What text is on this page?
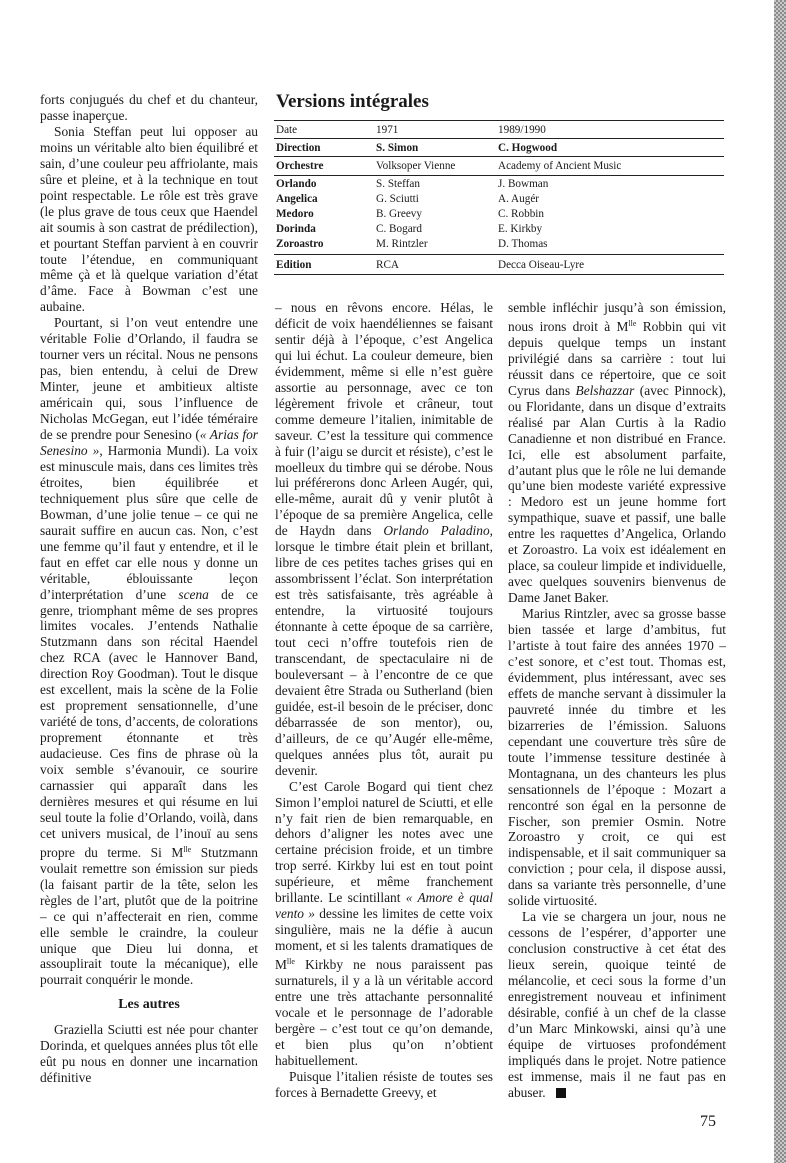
forts conjugués du chef et du chanteur, passe inaperçue.

Sonia Steffan peut lui opposer au moins un véritable alto bien équilibré et sain, d’une couleur peu affriolante, mais sûre et pleine, et à la technique en tout point respectable. Le rôle est très grave (le plus grave de tous ceux que Haendel ait soumis à son castrat de prédilection), et pourtant Steffan parvient à en couvrir toute l’étendue, en communiquant même çà et là quelque variation d’état d’âme. Face à Bowman c’est une aubaine.

Pourtant, si l’on veut entendre une véritable Folie d’Orlando, il faudra se tourner vers un récital. Nous ne pensons pas, bien entendu, à celui de Drew Minter, jeune et ambitieux altiste américain qui, sous l’influence de Nicholas McGegan, eut l’idée téméraire de se prendre pour Senesino (« Arias for Senesino », Harmonia Mundi). La voix est minuscule mais, dans ces limites très étroites, bien équilibrée et techniquement plus sûre que celle de Bowman, d’une jolie tenue – ce qui ne saurait suffire en aucun cas. Non, c’est une femme qu’il faut y entendre, et il le faut en effet car elle nous y donne un véritable, éblouissante leçon d’interprétation d’une scena de ce genre, triomphant même de ses propres limites vocales. J’entends Nathalie Stutzmann dans son récital Haendel chez RCA (avec le Hannover Band, direction Roy Goodman). Tout le disque est excellent, mais la scène de la Folie est proprement sensationnelle, d’une variété de tons, d’accents, de colorations proprement étonnante et très audacieuse. Ces fins de phrase où la voix semble s’évanouir, ce sourire carnassier qui apparaît dans les dernières mesures et qui résume en lui seul toute la folie d’Orlando, voilà, dans cet univers musical, de l’inouï au sens propre du terme. Si $M^{lle}$ Stutzmann voulait remettre son émission sur pieds (la faisant partir de la tête, selon les règles de l’art, plutôt que de la poitrine – ce qui n’affecterait en rien, comme elle semble le craindre, la couleur unique que Dieu lui donna, et assouplirait toute la mécanique), elle pourrait conquérir le monde.

Les autres

Graziella Sciutti est née pour chanter Dorinda, et quelques années plus tôt elle eût pu nous en donner une incarnation définitive

Versions intégrales
Date	1971	1989/1990
Direction	S. Simon	C. Hogwood
Orchestre	Volksoper Vienne	Academy of Ancient Music
Orlando	S. Steffan	J. Bowman
Angelica	G. Sciutti	A. Augér
Medoro	B. Greevy	C. Robbin
Dorinda	C. Bogard	E. Kirkby
Zoroastro	M. Rintzler	D. Thomas
Edition	RCA	Decca Oiseau-Lyre

– nous en rêvons encore. Hélas, le déficit de voix haendéliennes se faisant sentir déjà à l’époque, c’est Angelica qui lui échut. La couleur demeure, bien évidemment, même si elle n’est guère assortie au personnage, avec ce ton légèrement frivole et crâneur, tout comme demeure l’italien, inimitable de saveur. C’est la tessiture qui commence à fuir (l’aigu se durcit et résiste), c’est le moelleux du timbre qui se dérobe. Nous lui préférerons donc Arleen Augér, qui, elle-même, aurait dû y venir plutôt à l’époque de sa première Angelica, celle de Haydn dans Orlando Paladino, lorsque le timbre était plein et brillant, libre de ces petites taches grises qui en assombrissent l’éclat. Son interprétation est très satisfaisante, très agréable à entendre, la virtuosité toujours étonnante à cette époque de sa carrière, tout ceci n’offre toutefois rien de transcendant, de spectaculaire ni de bouleversant – à l’encontre de ce que devaient être Strada ou Sutherland (bien guidée, est-il besoin de le préciser, donc débarrassée de son mentor), ou, d’ailleurs, de ce qu’Augér elle-même, quelques années plus tôt, aurait pu devenir.

C’est Carole Bogard qui tient chez Simon l’emploi naturel de Sciutti, et elle n’y fait rien de bien remarquable, en dehors d’aligner les notes avec une certaine précision froide, et un timbre trop serré. Kirkby lui est en tout point supérieure, et même franchement brillante. Le scintillant « Amore è qual vento » dessine les limites de cette voix singulière, mais ne la défie à aucun moment, et si les talents dramatiques de $M^{lle}$ Kirkby ne nous paraissent pas surnaturels, il y a là un véritable accord entre une très attachante personnalité vocale et le personnage de l’adorable bergère – c’est tout ce qu’on demande, et bien plus qu’on n’obtient habituellement.

Puisque l’italien résiste de toutes ses forces à Bernadette Greevy, et

semble infléchir jusqu’à son émission, nous irons droit à $M^{lle}$ Robbin qui vit depuis quelque temps un instant privilégié dans sa carrière : tout lui réussit dans ce répertoire, que ce soit Cyrus dans Belshazzar (avec Pinnock), ou Floridante, dans un disque d’extraits réalisé par Alan Curtis à la Radio Canadienne et non distribué en France. Ici, elle est absolument parfaite, d’autant plus que le rôle ne lui demande qu’une bien modeste variété expressive : Medoro est un jeune homme fort sympathique, suave et passif, une balle entre les raquettes d’Angelica, Orlando et Zoroastro. La voix est idéalement en place, sa couleur limpide et individuelle, avec quelques souvenirs bienvenus de Dame Janet Baker.

Marius Rintzler, avec sa grosse basse bien tassée et large d’ambitus, fut l’artiste à tout faire des années 1970 – c’est sonore, et c’est tout. Thomas est, évidemment, plus intéressant, avec ses effets de manche servant à dissimuler la pauvreté innée du timbre et les bizarreries de l’émission. Saluons cependant une couverture très sûre de toute l’immense tessiture destinée à Montagnana, un des chanteurs les plus sensationnels de l’époque : Mozart a rencontré son égal en la personne de Fischer, son premier Osmin. Notre Zoroastro y croit, ce qui est indispensable, et il sait communiquer sa conviction ; pour cela, il dispose aussi, dans sa variante très personnelle, d’une solide virtuosité.

La vie se chargera un jour, nous ne cessons de l’espérer, d’apporter une conclusion constructive à cet état des lieux serein, quoique teinté de mélancolie, et ceci sous la forme d’un enregistrement nouveau et infiniment désirable, confié à un chef de la classe d’un Marc Minkowski, ainsi qu’à une équipe de virtuoses profondément impliqués dans le projet. Notre patience est immense, mais il ne faut pas en abuser.

75
